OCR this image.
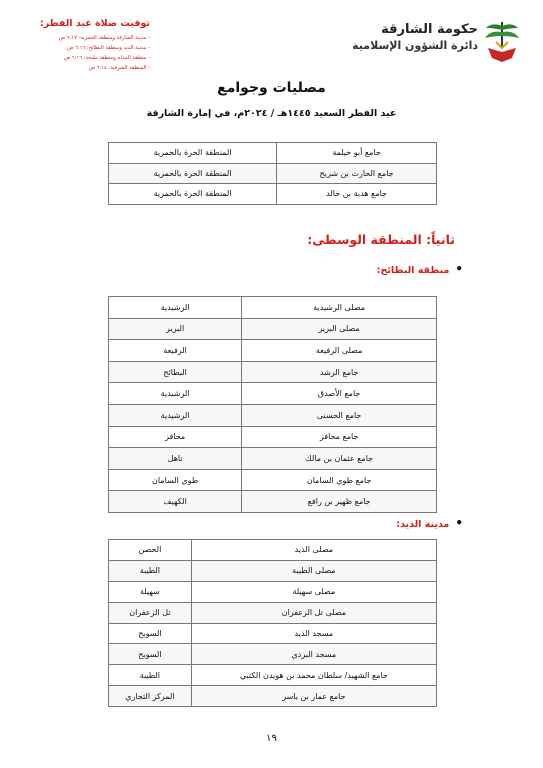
توقيت صلاة عيد الفطر:
- مدينة الشارقة ومنطقة الحمرية: ٦:١٧ ص
- مدينة الذيد ومنطقة البطائح: ٦:١٦ ص
- منطقة المدام ومنطقة مليحة: ٦:١٦ ص
- المنطقة الشرقية: ٦:١٤ ص
حكومة الشارقة
دائرة الشؤون الإسلامية
مصليات وجوامع
عيد الفطر السعيد ١٤٤٥هـ / ٢٠٢٤م، في إمارة الشارقة
جامع أبو خيلمة	المنطقة الحرة بالحمرية
جامع الحارث بن شريح	المنطقة الحرة بالحمرية
جامع هدبة بن خالد	المنطقة الحرة بالحمرية
ثانياً: المنطقة الوسطى:
•منطقة البطائح:
مصلى الرشيدية	الرشيدية
مصلى البرير	البرير
مصلى الرفيعة	الرفيعة
جامع الرشد	البطائح
جامع الأصدق	الرشيدية
جامع الحسنى	الرشيدية
جامع محافز	محافز
جامع عثمان بن مالك	تاهل
جامع طوي السامان	طوي السامان
جامع ظهير بن رافع	الكهيف
•مدينة الذيد:
مصلى الذيد	الحصن
مصلى الطيبة	الطيبة
مصلى سهيلة	سهيلة
مصلى تل الزعفران	تل الزعفران
مسجد الذيد	السويح
مسجد البردي	السويح
جامع الشهيد/ سلطان محمد بن هويدن الكتبي	الطيبة
جامع عمار بن ياسر	المركز التجاري
١٩
